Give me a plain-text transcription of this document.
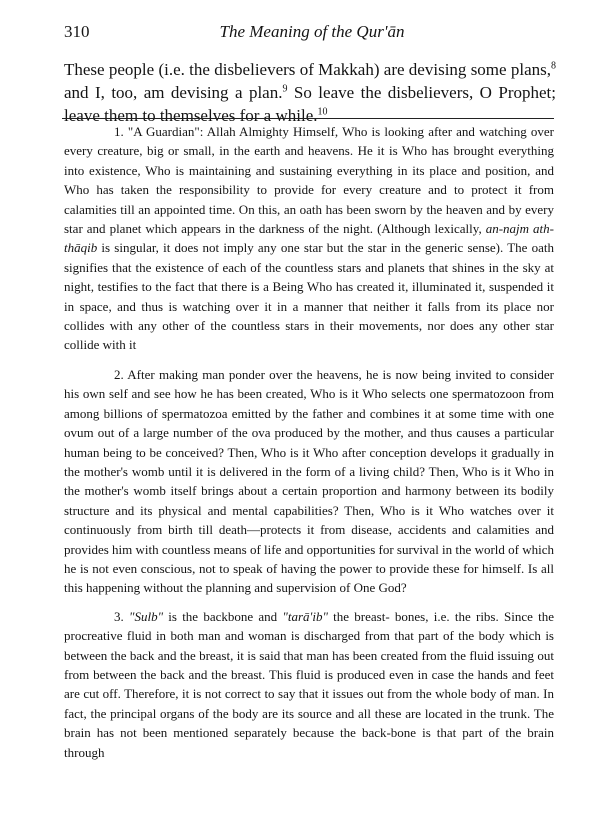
310	The Meaning of the Qur'ān

These people (i.e. the disbelievers of Makkah) are devising some plans,$^8$ and I, too, am devising a plan.$^9$ So leave the disbelievers, O Prophet; leave them to themselves for a while.$^{10}$

1. "A Guardian": Allah Almighty Himself, Who is looking after and watching over every creature, big or small, in the earth and heavens. He it is Who has brought everything into existence, Who is maintaining and sustaining everything in its place and position, and Who has taken the responsibility to provide for every creature and to protect it from calamities till an appointed time. On this, an oath has been sworn by the heaven and by every star and planet which appears in the darkness of the night. (Although lexically, an-najm ath-thāqib is singular, it does not imply any one star but the star in the generic sense). The oath signifies that the existence of each of the countless stars and planets that shines in the sky at night, testifies to the fact that there is a Being Who has created it, illuminated it, suspended it in space, and thus is watching over it in a manner that neither it falls from its place nor collides with any other of the countless stars in their movements, nor does any other star collide with it

2. After making man ponder over the heavens, he is now being invited to consider his own self and see how he has been created, Who is it Who selects one spermatozoon from among billions of spermatozoa emitted by the father and combines it at some time with one ovum out of a large number of the ova produced by the mother, and thus causes a particular human being to be conceived? Then, Who is it Who after conception develops it gradually in the mother's womb until it is delivered in the form of a living child? Then, Who is it Who in the mother's womb itself brings about a certain proportion and harmony between its bodily structure and its physical and mental capabilities? Then, Who is it Who watches over it continuously from birth till death—protects it from disease, accidents and calamities and provides him with countless means of life and opportunities for survival in the world of which he is not even conscious, not to speak of having the power to provide these for himself. Is all this happening without the planning and supervision of One God?

3. "Sulb" is the backbone and "tarā'ib" the breast- bones, i.e. the ribs. Since the procreative fluid in both man and woman is discharged from that part of the body which is between the back and the breast, it is said that man has been created from the fluid issuing out from between the back and the breast. This fluid is produced even in case the hands and feet are cut off. Therefore, it is not correct to say that it issues out from the whole body of man. In fact, the principal organs of the body are its source and all these are located in the trunk. The brain has not been mentioned separately because the back-bone is that part of the brain through
